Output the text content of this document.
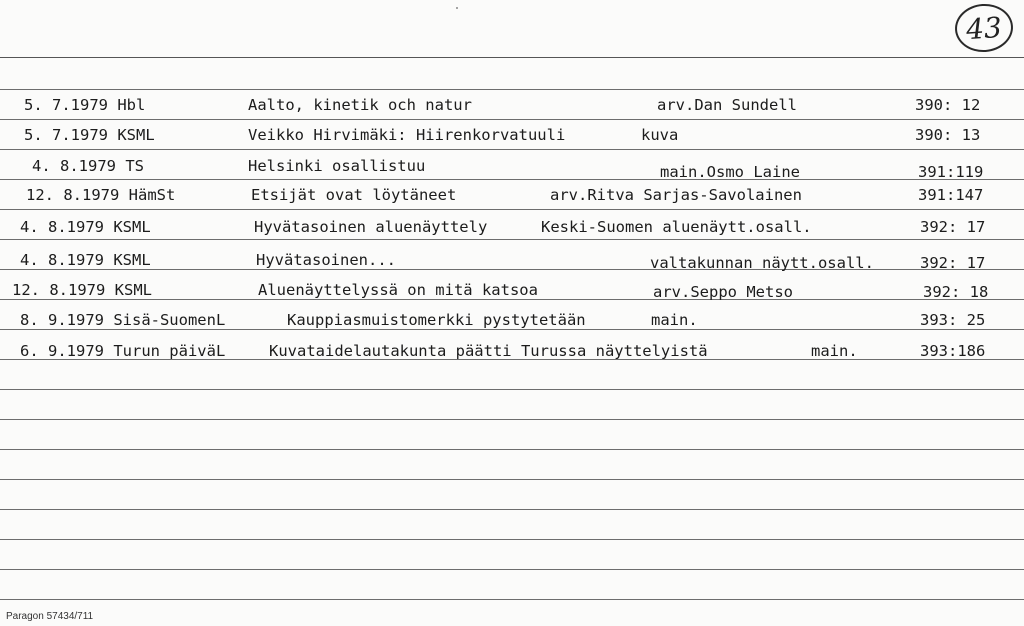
43
5. 7.1979 Hbl	Aalto, kinetik och natur	arv.Dan Sundell	390: 12
5. 7.1979 KSML	Veikko Hirvimäki: Hiirenkorvatuuli	kuva	390: 13
4. 8.1979 TS	Helsinki osallistuu	main.Osmo Laine	391:119
12. 8.1979 HämSt	Etsijät ovat löytäneet	arv.Ritva Sarjas-Savolainen	391:147
4. 8.1979 KSML	Hyvätasoinen aluenäyttely	Keski-Suomen aluenäytt.osall.	392: 17
4. 8.1979 KSML	Hyvätasoinen...	valtakunnan näytt.osall.	392: 17
12. 8.1979 KSML	Aluenäyttelyssä on mitä katsoa	arv.Seppo Metso	392: 18
8. 9.1979 Sisä-SuomenL	Kauppiasmuistomerkki pystytetään	main.	393: 25
6. 9.1979 Turun päiväL	Kuvataidelautakunta päätti Turussa näyttelyistä	main.	393:186
Paragon 57434/711
